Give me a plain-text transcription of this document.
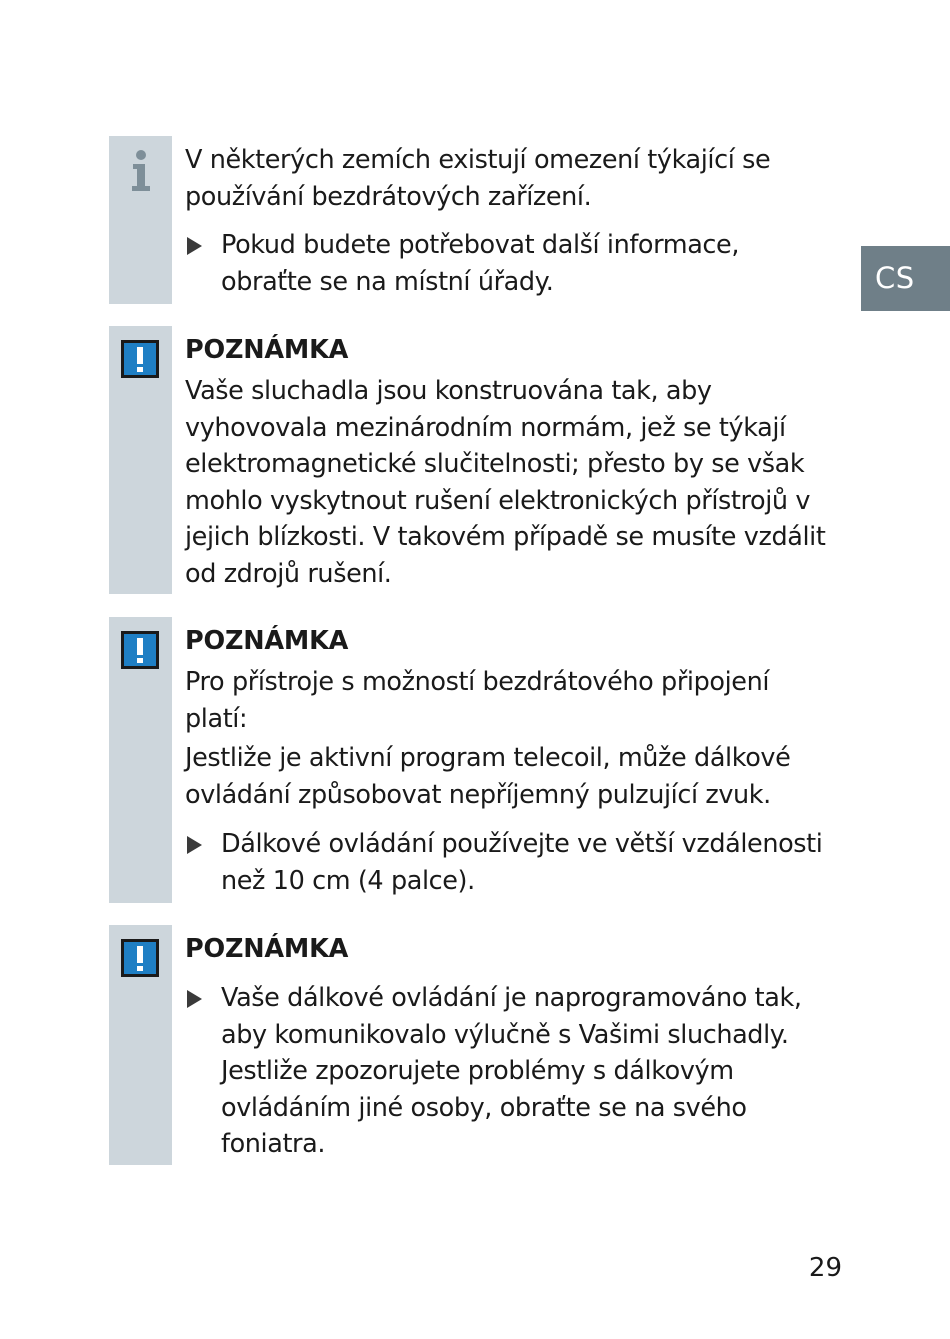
CS
V některých zemích existují omezení týkající se používání bezdrátových zařízení.
Pokud budete potřebovat další informace, obraťte se na místní úřady.
POZNÁMKA
Vaše sluchadla jsou konstruována tak, aby vyhovovala mezinárodním normám, jež se týkají elektromagnetické slučitelnosti; přesto by se však mohlo vyskytnout rušení elektronických přístrojů v jejich blízkosti. V takovém případě se musíte vzdálit od zdrojů rušení.
POZNÁMKA
Pro přístroje s možností bezdrátového připojení platí:
Jestliže je aktivní program telecoil, může dálkové ovládání způsobovat nepříjemný pulzující zvuk.
Dálkové ovládání používejte ve větší vzdálenosti než 10 cm (4 palce).
POZNÁMKA
Vaše dálkové ovládání je naprogramováno tak, aby komunikovalo výlučně s Vašimi sluchadly. Jestliže zpozorujete problémy s dálkovým ovládáním jiné osoby, obraťte se na svého foniatra.
29
